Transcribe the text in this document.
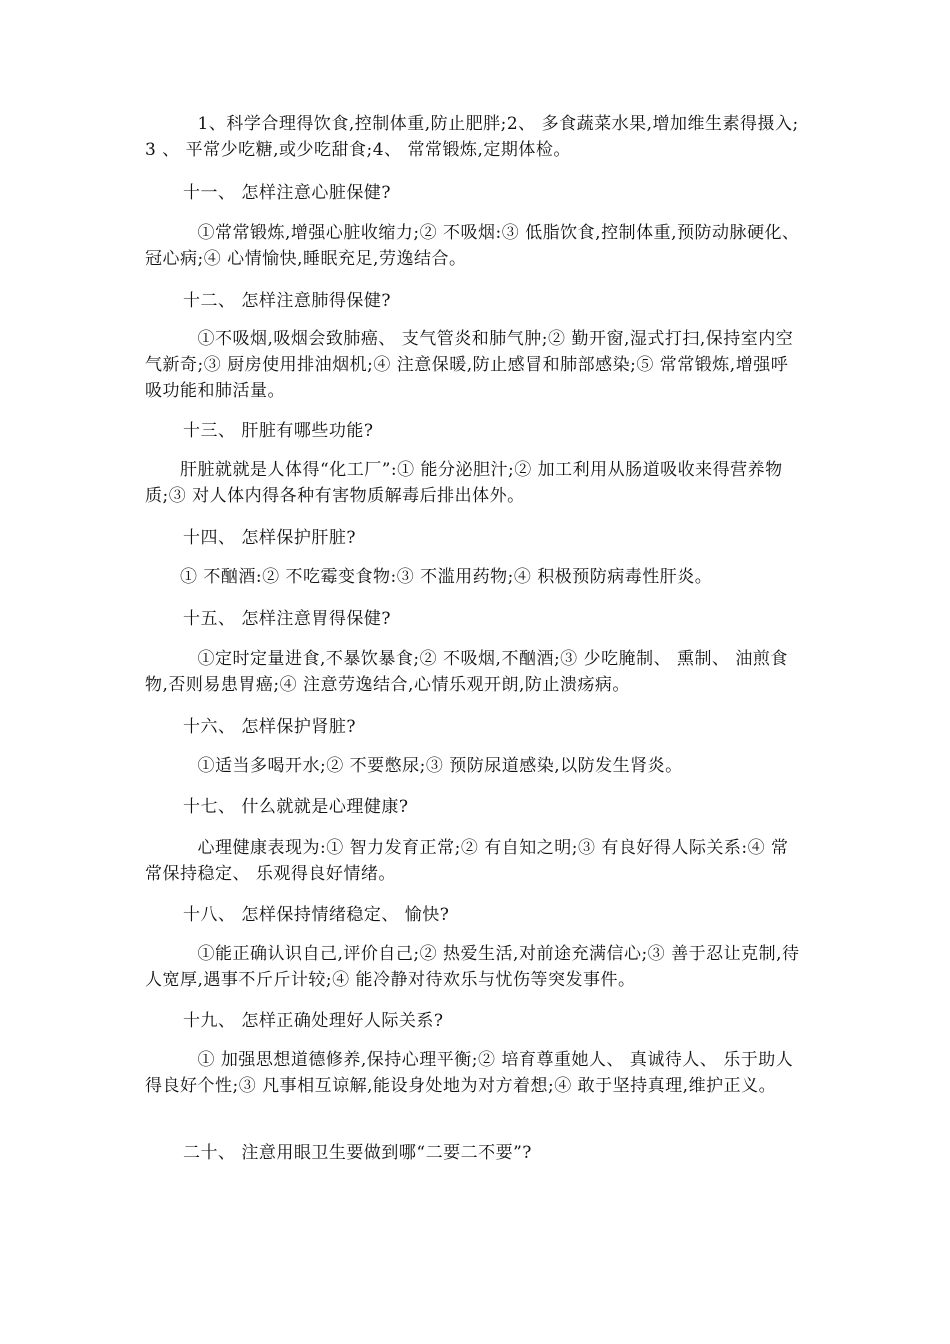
　　　1、科学合理得饮食,控制体重,防止肥胖;2、 多食蔬菜水果,增加维生素得摄入; 3 、 平常少吃糖,或少吃甜食;4、 常常锻炼,定期体检。
十一、 怎样注意心脏保健?
　　　①常常锻炼,增强心脏收缩力;② 不吸烟:③ 低脂饮食,控制体重,预防动脉硬化、 冠心病;④ 心情愉快,睡眠充足,劳逸结合。
十二、 怎样注意肺得保健?
　　　①不吸烟,吸烟会致肺癌、 支气管炎和肺气肿;② 勤开窗,湿式打扫,保持室内空气新奇;③ 厨房使用排油烟机;④ 注意保暖,防止感冒和肺部感染;⑤ 常常锻炼,增强呼吸功能和肺活量。
十三、 肝脏有哪些功能?
　　肝脏就就是人体得“化工厂”:① 能分泌胆汁;② 加工利用从肠道吸收来得营养物质;③ 对人体内得各种有害物质解毒后排出体外。
十四、 怎样保护肝脏?
　　① 不酗酒:② 不吃霉变食物:③ 不滥用药物;④ 积极预防病毒性肝炎。
十五、 怎样注意胃得保健?
　　　①定时定量进食,不暴饮暴食;② 不吸烟,不酗酒;③ 少吃腌制、 熏制、 油煎食物,否则易患胃癌;④ 注意劳逸结合,心情乐观开朗,防止溃疡病。
十六、 怎样保护肾脏?
　　　①适当多喝开水;② 不要憋尿;③ 预防尿道感染,以防发生肾炎。
十七、 什么就就是心理健康?
　　　心理健康表现为:① 智力发育正常;② 有自知之明;③ 有良好得人际关系:④ 常常保持稳定、 乐观得良好情绪。
十八、 怎样保持情绪稳定、 愉快?
　　　①能正确认识自己,评价自己;② 热爱生活,对前途充满信心;③ 善于忍让克制,待人宽厚,遇事不斤斤计较;④ 能冷静对待欢乐与忧伤等突发事件。
十九、 怎样正确处理好人际关系?
　　　① 加强思想道德修养,保持心理平衡;② 培育尊重她人、 真诚待人、 乐于助人得良好个性;③ 凡事相互谅解,能设身处地为对方着想;④ 敢于坚持真理,维护正义。
二十、 注意用眼卫生要做到哪“二要二不要”?
